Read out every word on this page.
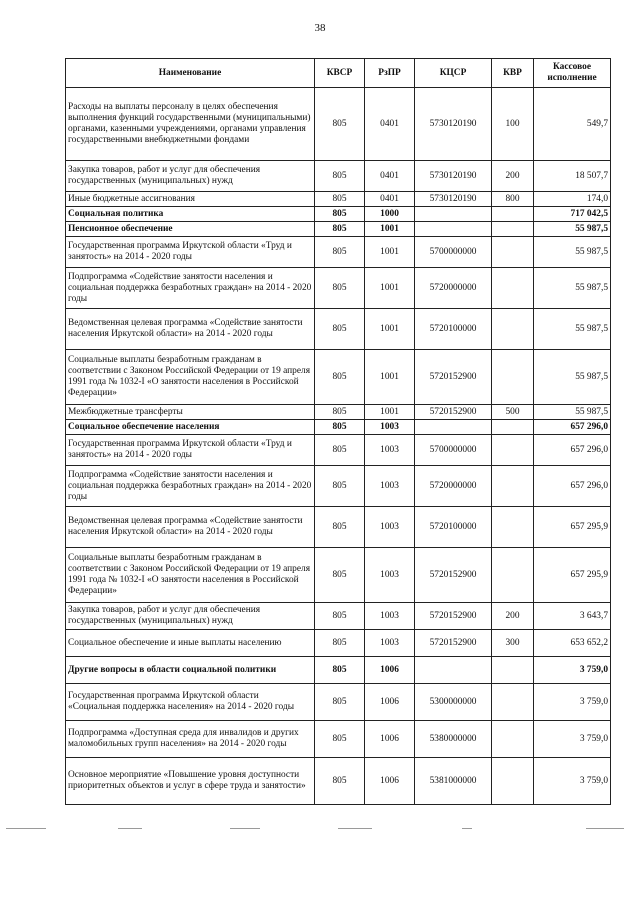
38
Наименование	КВСР	РзПР	КЦСР	КВР	Кассовое исполнение
Расходы на выплаты персоналу в целях обеспечения выполнения функций государственными (муниципальными) органами, казенными учреждениями, органами управления государственными внебюджетными фондами	805	0401	5730120190	100	549,7
Закупка товаров, работ и услуг для обеспечения государственных (муниципальных) нужд	805	0401	5730120190	200	18 507,7
Иные бюджетные ассигнования	805	0401	5730120190	800	174,0
Социальная политика	805	1000			717 042,5
Пенсионное обеспечение	805	1001			55 987,5
Государственная программа Иркутской области «Труд и занятость» на 2014 - 2020 годы	805	1001	5700000000		55 987,5
Подпрограмма «Содействие занятости населения и социальная поддержка безработных граждан» на 2014 - 2020 годы	805	1001	5720000000		55 987,5
Ведомственная целевая программа «Содействие занятости населения Иркутской области» на 2014 - 2020 годы	805	1001	5720100000		55 987,5
Социальные выплаты безработным гражданам в соответствии с Законом Российской Федерации от 19 апреля 1991 года № 1032-I «О занятости населения в Российской Федерации»	805	1001	5720152900		55 987,5
Межбюджетные трансферты	805	1001	5720152900	500	55 987,5
Социальное обеспечение населения	805	1003			657 296,0
Государственная программа Иркутской области «Труд и занятость» на 2014 - 2020 годы	805	1003	5700000000		657 296,0
Подпрограмма «Содействие занятости населения и социальная поддержка безработных граждан» на 2014 - 2020 годы	805	1003	5720000000		657 296,0
Ведомственная целевая программа «Содействие занятости населения Иркутской области» на 2014 - 2020 годы	805	1003	5720100000		657 295,9
Социальные выплаты безработным гражданам в соответствии с Законом Российской Федерации от 19 апреля 1991 года № 1032-I «О занятости населения в Российской Федерации»	805	1003	5720152900		657 295,9
Закупка товаров, работ и услуг для обеспечения государственных (муниципальных) нужд	805	1003	5720152900	200	3 643,7
Социальное обеспечение и иные выплаты населению	805	1003	5720152900	300	653 652,2
Другие вопросы в области социальной политики	805	1006			3 759,0
Государственная программа Иркутской области «Социальная поддержка населения» на 2014 - 2020 годы	805	1006	5300000000		3 759,0
Подпрограмма «Доступная среда для инвалидов и других маломобильных групп населения» на 2014 - 2020 годы	805	1006	5380000000		3 759,0
Основное мероприятие «Повышение уровня доступности приоритетных объектов и услуг в сфере труда и занятости»	805	1006	5381000000		3 759,0
